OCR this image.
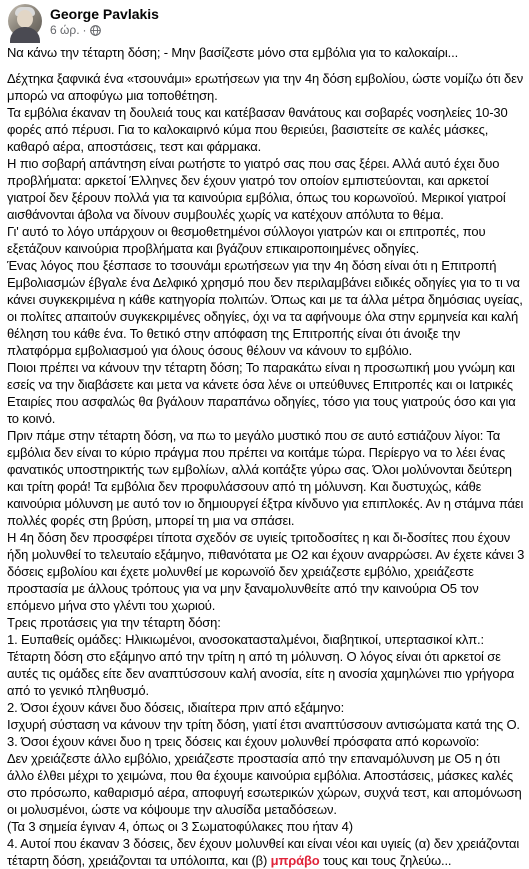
George Pavlakis
6 ώρ. ·

Να κάνω την τέταρτη δόση; - Μην βασίζεστε μόνο στα εμβόλια για το καλοκαίρι...

Δέχτηκα ξαφνικά ένα «τσουνάμι» ερωτήσεων για την 4η δόση εμβολίου, ώστε νομίζω ότι δεν μπορώ να αποφύγω μια τοποθέτηση.

Τα εμβόλια έκαναν τη δουλειά τους και κατέβασαν θανάτους και σοβαρές νοσηλείες 10-30 φορές από πέρυσι. Για το καλοκαιρινό κύμα που θεριεύει, βασιστείτε σε καλές μάσκες, καθαρό αέρα, αποστάσεις, τεστ και φάρμακα.

Η πιο σοβαρή απάντηση είναι ρωτήστε το γιατρό σας που σας ξέρει. Αλλά αυτό έχει δυο προβλήματα: αρκετοί Έλληνες δεν έχουν γιατρό τον οποίον εμπιστεύονται, και αρκετοί γιατροί δεν ξέρουν πολλά για τα καινούρια εμβόλια, όπως του κορωνοϊού. Μερικοί γιατροί αισθάνονται άβολα να δίνουν συμβουλές χωρίς να κατέχουν απόλυτα το θέμα.

Γι' αυτό το λόγο υπάρχουν οι θεσμοθετημένοι σύλλογοι γιατρών και οι επιτροπές, που εξετάζουν καινούρια προβλήματα και βγάζουν επικαιροποιημένες οδηγίες.

Ένας λόγος που ξέσπασε το τσουνάμι ερωτήσεων για την 4η δόση είναι ότι η Επιτροπή Εμβολιασμών έβγαλε ένα Δελφικό χρησμό που δεν περιλαμβάνει ειδικές οδηγίες για το τι να κάνει συγκεκριμένα η κάθε κατηγορία πολιτών. Όπως και με τα άλλα μέτρα δημόσιας υγείας, οι πολίτες απαιτούν συγκεκριμένες οδηγίες, όχι να τα αφήνουμε όλα στην ερμηνεία και καλή θέληση του κάθε ένα. Το θετικό στην απόφαση της Επιτροπής είναι ότι άνοιξε την πλατφόρμα εμβολιασμού για όλους όσους θέλουν να κάνουν το εμβόλιο.

Ποιοι πρέπει να κάνουν την τέταρτη δόση; Το παρακάτω είναι η προσωπική μου γνώμη και εσείς να την διαβάσετε και μετα να κάνετε όσα λένε οι υπεύθυνες Επιτροπές και οι Ιατρικές Εταιρίες που ασφαλώς θα βγάλουν παραπάνω οδηγίες, τόσο για τους γιατρούς όσο και για το κοινό.

Πριν πάμε στην τέταρτη δόση, να πω το μεγάλο μυστικό που σε αυτό εστιάζουν λίγοι: Τα εμβόλια δεν είναι το κύριο πράγμα που πρέπει να κοιτάμε τώρα. Περίεργο να το λέει ένας φανατικός υποστηρικτής των εμβολίων, αλλά κοιτάξτε γύρω σας. Όλοι μολύνονται δεύτερη και τρίτη φορά! Τα εμβόλια δεν προφυλάσσουν από τη μόλυνση. Και δυστυχώς, κάθε καινούρια μόλυνση με αυτό τον ιο δημιουργεί έξτρα κίνδυνο για επιπλοκές. Αν η στάμνα πάει πολλές φορές στη βρύση, μπορεί τη μια να σπάσει.

Η 4η δόση δεν προσφέρει τίποτα σχεδόν σε υγιείς τριτοδοσίτες η και δι-δοσίτες που έχουν ήδη μολυνθεί το τελευταίο εξάμηνο, πιθανότατα με Ο2 και έχουν αναρρώσει. Αν έχετε κάνει 3 δόσεις εμβολίου και έχετε μολυνθεί με κορωνοϊό δεν χρειάζεστε εμβόλιο, χρειάζεστε προστασία με άλλους τρόπους για να μην ξαναμολυνθείτε από την καινούρια Ο5 τον επόμενο μήνα στο γλέντι του χωριού.

Τρεις προτάσεις για την τέταρτη δόση:

1. Ευπαθείς ομάδες: Ηλικιωμένοι, ανοσοκατασταλμένοι, διαβητικοί, υπερτασικοί κλπ.:

Τέταρτη δόση στο εξάμηνο από την τρίτη η από τη μόλυνση. Ο λόγος είναι ότι αρκετοί σε αυτές τις ομάδες είτε δεν αναπτύσσουν καλή ανοσία, είτε η ανοσία χαμηλώνει πιο γρήγορα από το γενικό πληθυσμό.

2. Όσοι έχουν κάνει δυο δόσεις, ιδιαίτερα πριν από εξάμηνο:

Ισχυρή σύσταση να κάνουν την τρίτη δόση, γιατί έτσι αναπτύσσουν αντισώματα κατά της Ο.

3. Όσοι έχουν κάνει δυο η τρεις δόσεις και έχουν μολυνθεί πρόσφατα από κορωνοϊο:

Δεν χρειάζεστε άλλο εμβόλιο, χρειάζεστε προστασία από την επαναμόλυνση με Ο5 η ότι άλλο έλθει μέχρι το χειμώνα, που θα έχουμε καινούρια εμβόλια. Αποστάσεις, μάσκες καλές στο πρόσωπο, καθαρισμό αέρα, αποφυγή εσωτερικών χώρων, συχνά τεστ, και απομόνωση οι μολυσμένοι, ώστε να κόψουμε την αλυσίδα μεταδόσεων.

(Τα 3 σημεία έγιναν 4, όπως οι 3 Σωματοφύλακες που ήταν 4)

4. Αυτοί που έκαναν 3 δόσεις, δεν έχουν μολυνθεί και είναι νέοι και υγιείς (α) δεν χρειάζονται τέταρτη δόση, χρειάζονται τα υπόλοιπα, και (β) μπράβο τους και τους ζηλεύω...
